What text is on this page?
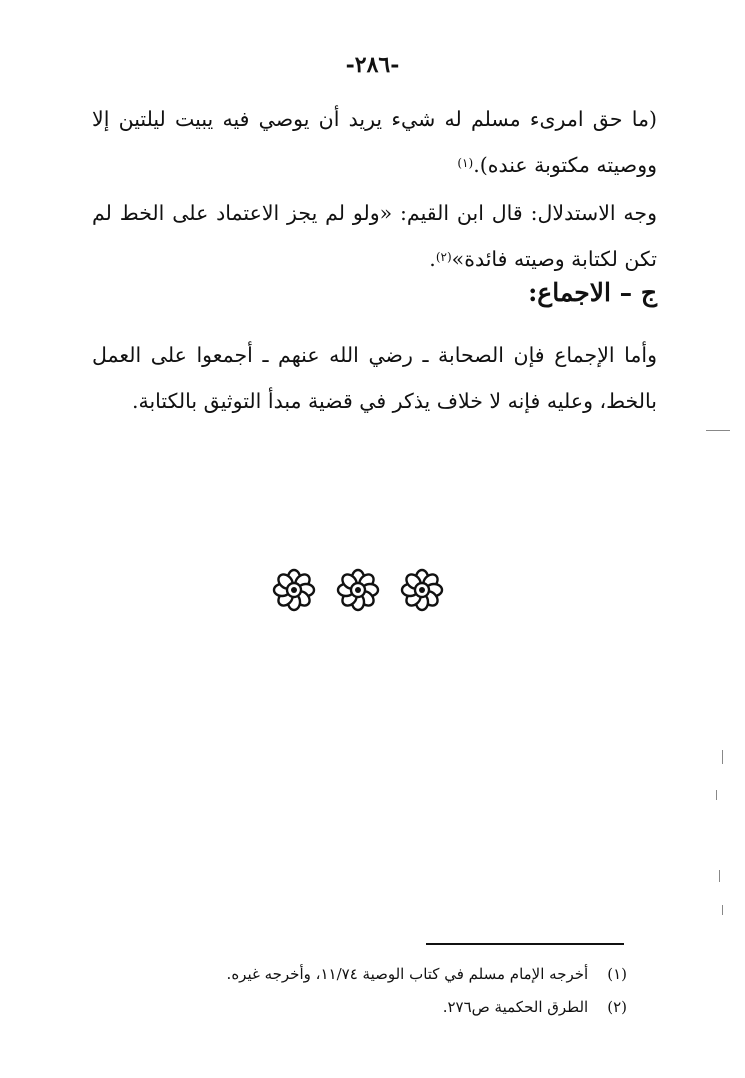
-٢٨٦-

(ما حق امرىء مسلم له شيء يريد أن يوصي فيه يبيت ليلتين إلا ووصيته مكتوبة عنده).$^{(١)}$

وجه الاستدلال: قال ابن القيم: «ولو لم يجز الاعتماد على الخط لم تكن لكتابة وصيته فائدة»$^{(٢)}$.

ج – الاجماع:

وأما الإجماع فإن الصحابة ـ رضي الله عنهم ـ أجمعوا على العمل بالخط، وعليه فإنه لا خلاف يذكر في قضية مبدأ التوثيق بالكتابة.

(١) أخرجه الإمام مسلم في كتاب الوصية ١١/٧٤، وأخرجه غيره.
(٢) الطرق الحكمية ص٢٧٦.
